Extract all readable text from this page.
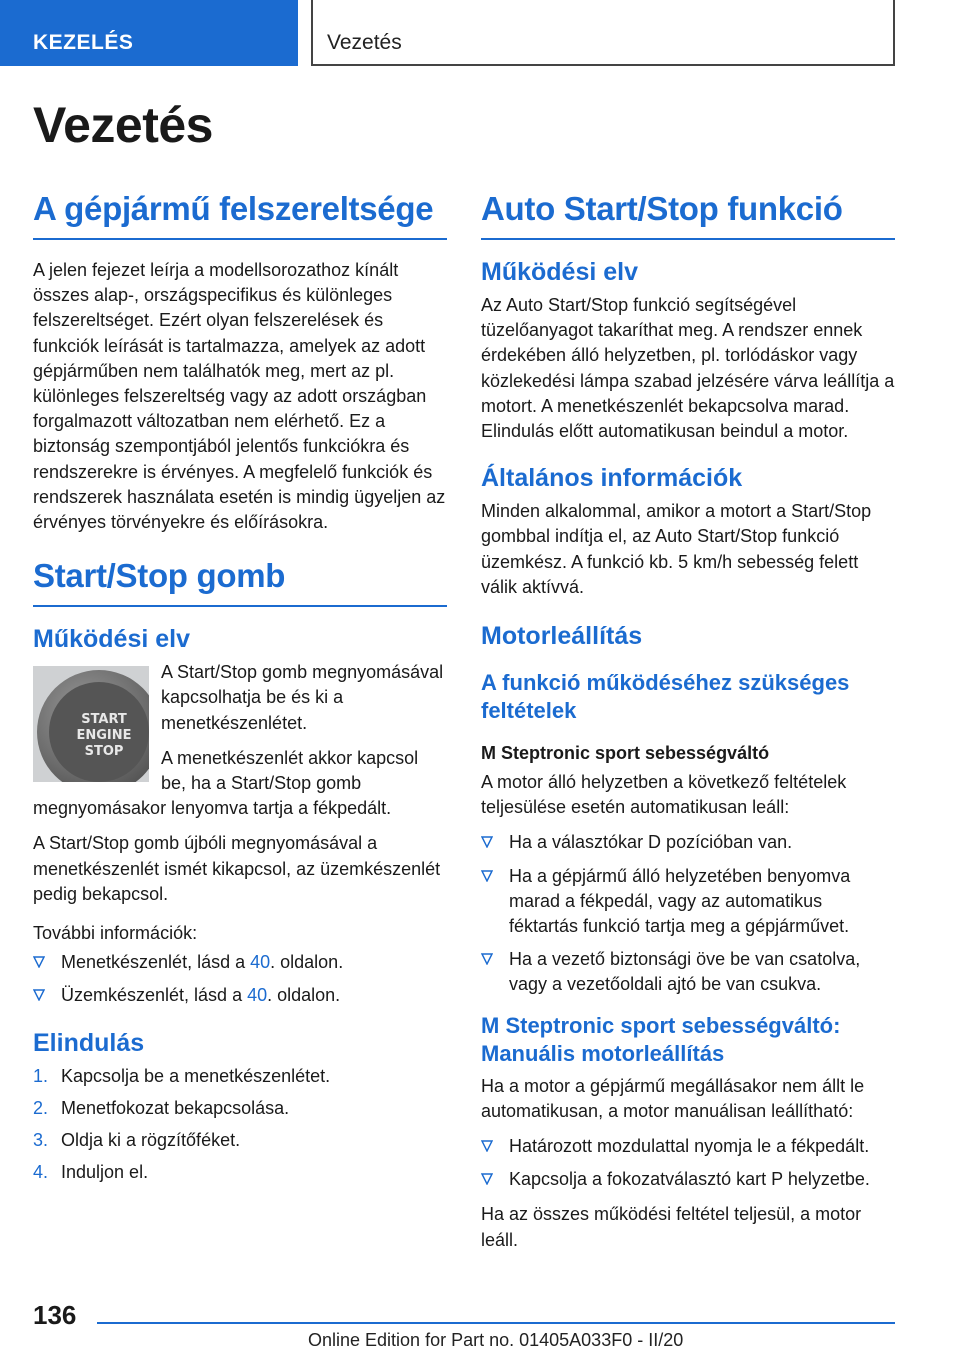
KEZELÉS	Vezetés
Vezetés
A gépjármű felszereltsége

A jelen fejezet leírja a modellsorozathoz kínált összes alap-, országspecifikus és különleges felszereltséget. Ezért olyan felszerelések és funkciók leírását is tartalmazza, amelyek az adott gépjárműben nem találhatók meg, mert az pl. különleges felszereltség vagy az adott országban forgalmazott változatban nem elérhető. Ez a biztonság szempontjából jelentős funkciókra és rendszerekre is érvényes. A megfelelő funkciók és rendszerek használata esetén is mindig ügyeljen az érvényes törvényekre és előírásokra.

Start/Stop gomb
Működési elv
START
ENGINE
STOP

A Start/Stop gomb megnyomásával kapcsolhatja be és ki a menetkészenlétet.

A menetkészenlét akkor kapcsol be, ha a Start/Stop gomb megnyomásakor lenyomva tartja a fékpedált.

A Start/Stop gomb újbóli megnyomásával a menetkészenlét ismét kikapcsol, az üzemkészenlét pedig bekapcsol.

További információk:

Menetkészenlét, lásd a 40. oldalon.
Üzemkészenlét, lásd a 40. oldalon.
Elindulás
1. Kapcsolja be a menetkészenlétet.
2. Menetfokozat bekapcsolása.
3. Oldja ki a rögzítőféket.
4. Induljon el.
Auto Start/Stop funkció
Működési elv

Az Auto Start/Stop funkció segítségével tüzelőanyagot takaríthat meg. A rendszer ennek érdekében álló helyzetben, pl. torlódáskor vagy közlekedési lámpa szabad jelzésére várva leállítja a motort. A menetkészenlét bekapcsolva marad. Elindulás előtt automatikusan beindul a motor.

Általános információk

Minden alkalommal, amikor a motort a Start/Stop gombbal indítja el, az Auto Start/Stop funkció üzemkész. A funkció kb. 5 km/h sebesség felett válik aktívvá.

Motorleállítás
A funkció működéséhez szükséges feltételek
M Steptronic sport sebességváltó

A motor álló helyzetben a következő feltételek teljesülése esetén automatikusan leáll:

Ha a választókar D pozícióban van.
Ha a gépjármű álló helyzetében benyomva marad a fékpedál, vagy az automatikus féktartás funkció tartja meg a gépjárművet.
Ha a vezető biztonsági öve be van csatolva, vagy a vezetőoldali ajtó be van csukva.
M Steptronic sport sebességváltó: Manuális motorleállítás

Ha a motor a gépjármű megállásakor nem állt le automatikusan, a motor manuálisan leállítható:

Határozott mozdulattal nyomja le a fékpedált.
Kapcsolja a fokozatválasztó kart P helyzetbe.

Ha az összes működési feltétel teljesül, a motor leáll.

136
Online Edition for Part no. 01405A033F0 - II/20
